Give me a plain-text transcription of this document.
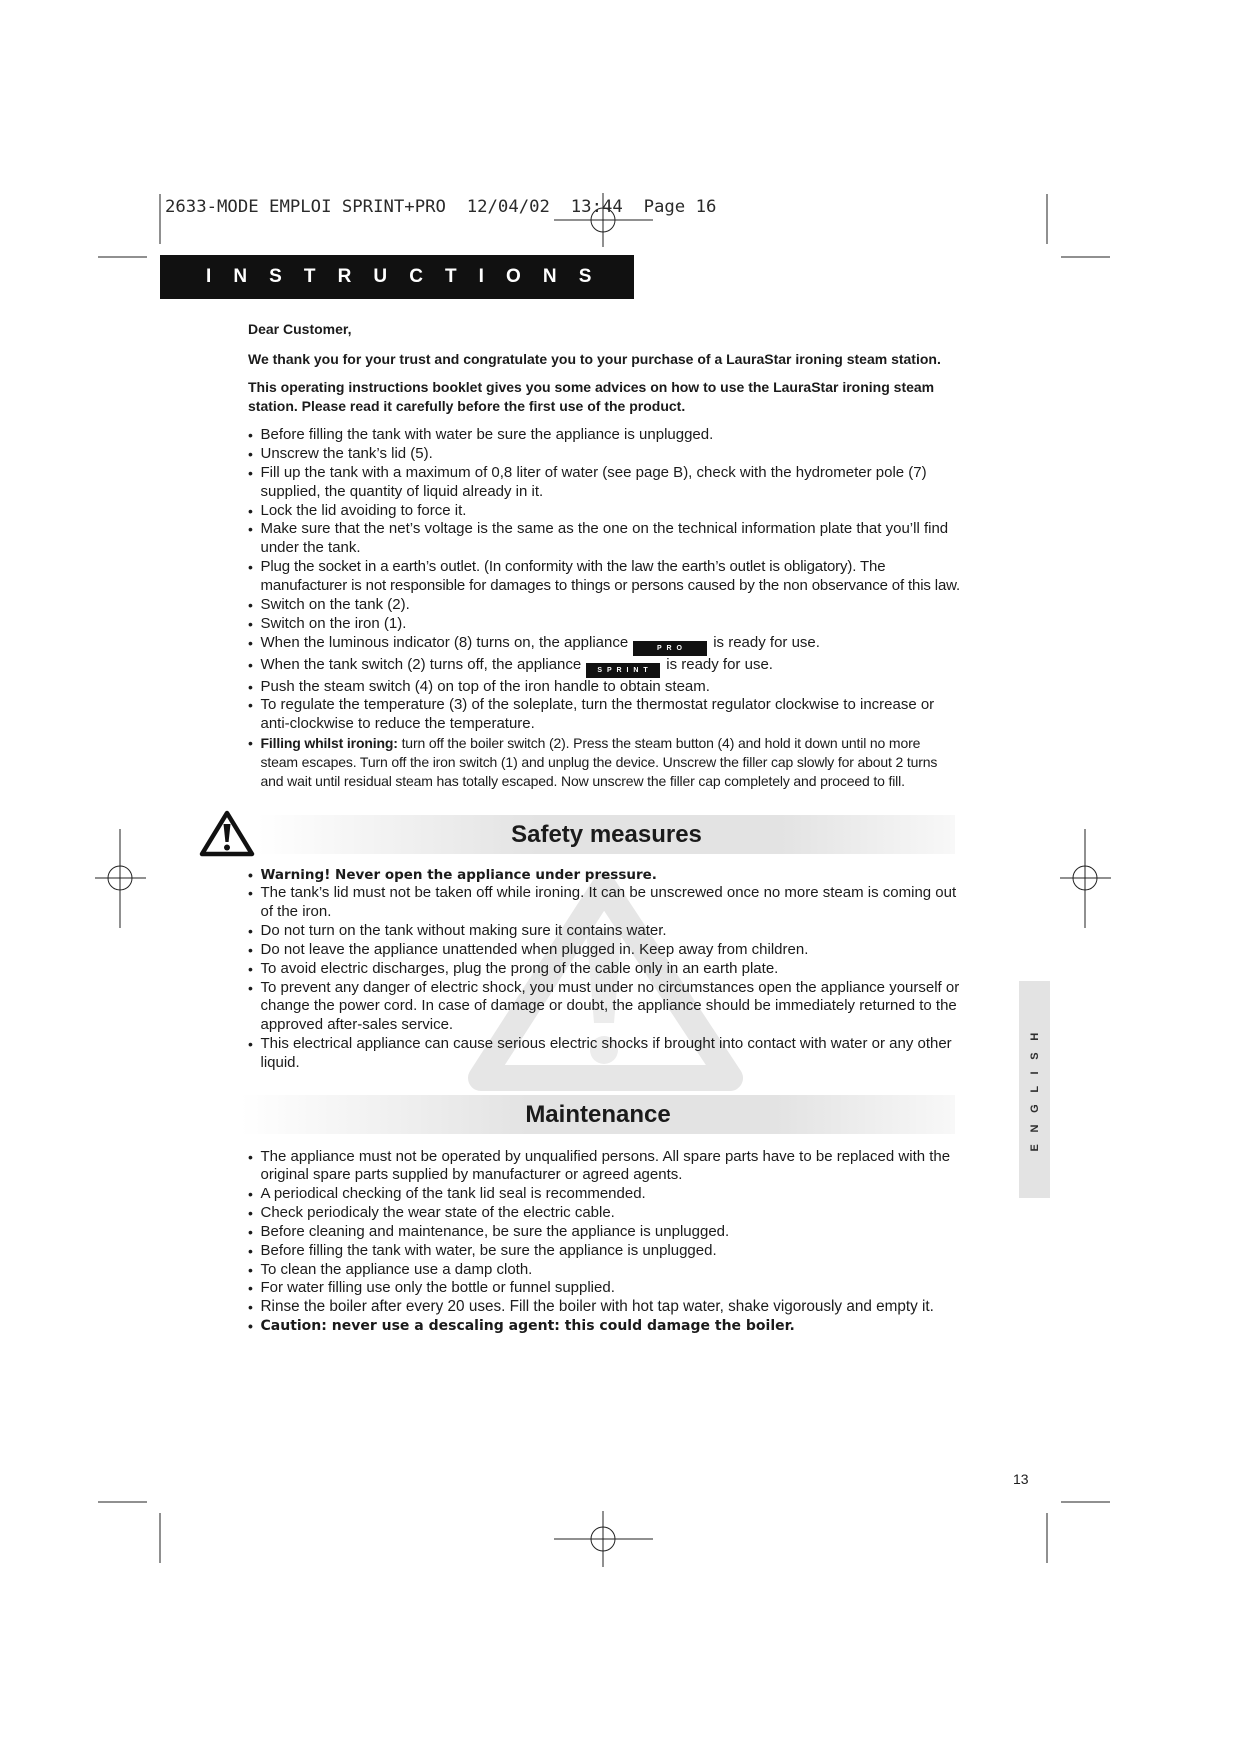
2633-MODE EMPLOI SPRINT+PRO  12/04/02  13:44  Page 16
I N S T R U C T I O N S

Dear Customer,

We thank you for your trust and congratulate you to your purchase of a LauraStar ironing steam station.

This operating instructions booklet gives you some advices on how to use the LauraStar ironing steam station. Please read it carefully before the first use of the product.

• Before filling the tank with water be sure the appliance is unplugged.
• Unscrew the tank’s lid (5).
• Fill up the tank with a maximum of 0,8 liter of water (see page B), check with the hydrometer pole (7) supplied, the quantity of liquid already in it.
• Lock the lid avoiding to force it.
• Make sure that the net’s voltage is the same as the one on the technical information plate that you’ll find under the tank.
• Plug the socket in a earth’s outlet. (In conformity with the law the earth’s outlet is obligatory). The manufacturer is not responsible for damages to things or persons caused by the non observance of this law.
• Switch on the tank (2).
• Switch on the iron (1).
• When the luminous indicator (8) turns on, the appliance	P R O is ready for use.
• When the tank switch (2) turns off, the appliance S P R I N T is ready for use.
• Push the steam switch (4) on top of the iron handle to obtain steam.
• To regulate the temperature (3) of the soleplate, turn the thermostat regulator clockwise to increase or anti-clockwise to reduce the temperature.
• Filling whilst ironing: turn off the boiler switch (2). Press the steam button (4) and hold it down until no more steam escapes. Turn off the iron switch (1) and unplug the device. Unscrew the filler cap slowly for about 2 turns and wait until residual steam has totally escaped. Now unscrew the filler cap completely and proceed to fill.
Safety measures
• Warning! Never open the appliance under pressure.
• The tank’s lid must not be taken off while ironing. It can be unscrewed once no more steam is coming out of the iron.
• Do not turn on the tank without making sure it contains water.
• Do not leave the appliance unattended when plugged in. Keep away from children.
• To avoid electric discharges, plug the prong of the cable only in an earth plate.
• To prevent any danger of electric shock, you must under no circumstances open the appliance yourself or change the power cord. In case of damage or doubt, the appliance should be immediately returned to the approved after-sales service.
• This electrical appliance can cause serious electric shocks if brought into contact with water or any other liquid.
Maintenance
• The appliance must not be operated by unqualified persons. All spare parts have to be replaced with the original spare parts supplied by manufacturer or agreed agents.
• A periodical checking of the tank lid seal is recommended.
• Check periodicaly the wear state of the electric cable.
• Before cleaning and maintenance, be sure the appliance is unplugged.
• Before filling the tank with water, be sure the appliance is unplugged.
• To clean the appliance use a damp cloth.
• For water filling use only the bottle or funnel supplied.
• Rinse the boiler after every 20 uses. Fill the boiler with hot tap water, shake vigorously and empty it.
• Caution: never use a descaling agent: this could damage the boiler.
E N G L I S H
13
